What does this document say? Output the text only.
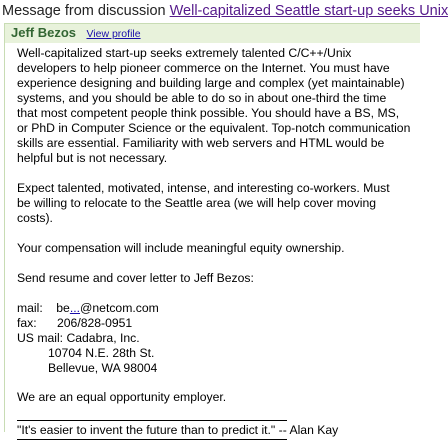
Message from discussion Well-capitalized Seattle start-up seeks Unix
Jeff Bezos View profile
Well-capitalized start-up seeks extremely talented C/C++/Unix
developers to help pioneer commerce on the Internet. You must have
experience designing and building large and complex (yet maintainable)
systems, and you should be able to do so in about one-third the time
that most competent people think possible. You should have a BS, MS,
or PhD in Computer Science or the equivalent. Top-notch communication
skills are essential. Familiarity with web servers and HTML would be
helpful but is not necessary.
Expect talented, motivated, intense, and interesting co-workers. Must
be willing to relocate to the Seattle area (we will help cover moving
costs).
Your compensation will include meaningful equity ownership.
Send resume and cover letter to Jeff Bezos:
mail: be...@netcom.com
fax: 206/828-0951
US mail: Cadabra, Inc.
10704 N.E. 28th St.
Bellevue, WA 98004
We are an equal opportunity employer.
"It's easier to invent the future than to predict it." -- Alan Kay
